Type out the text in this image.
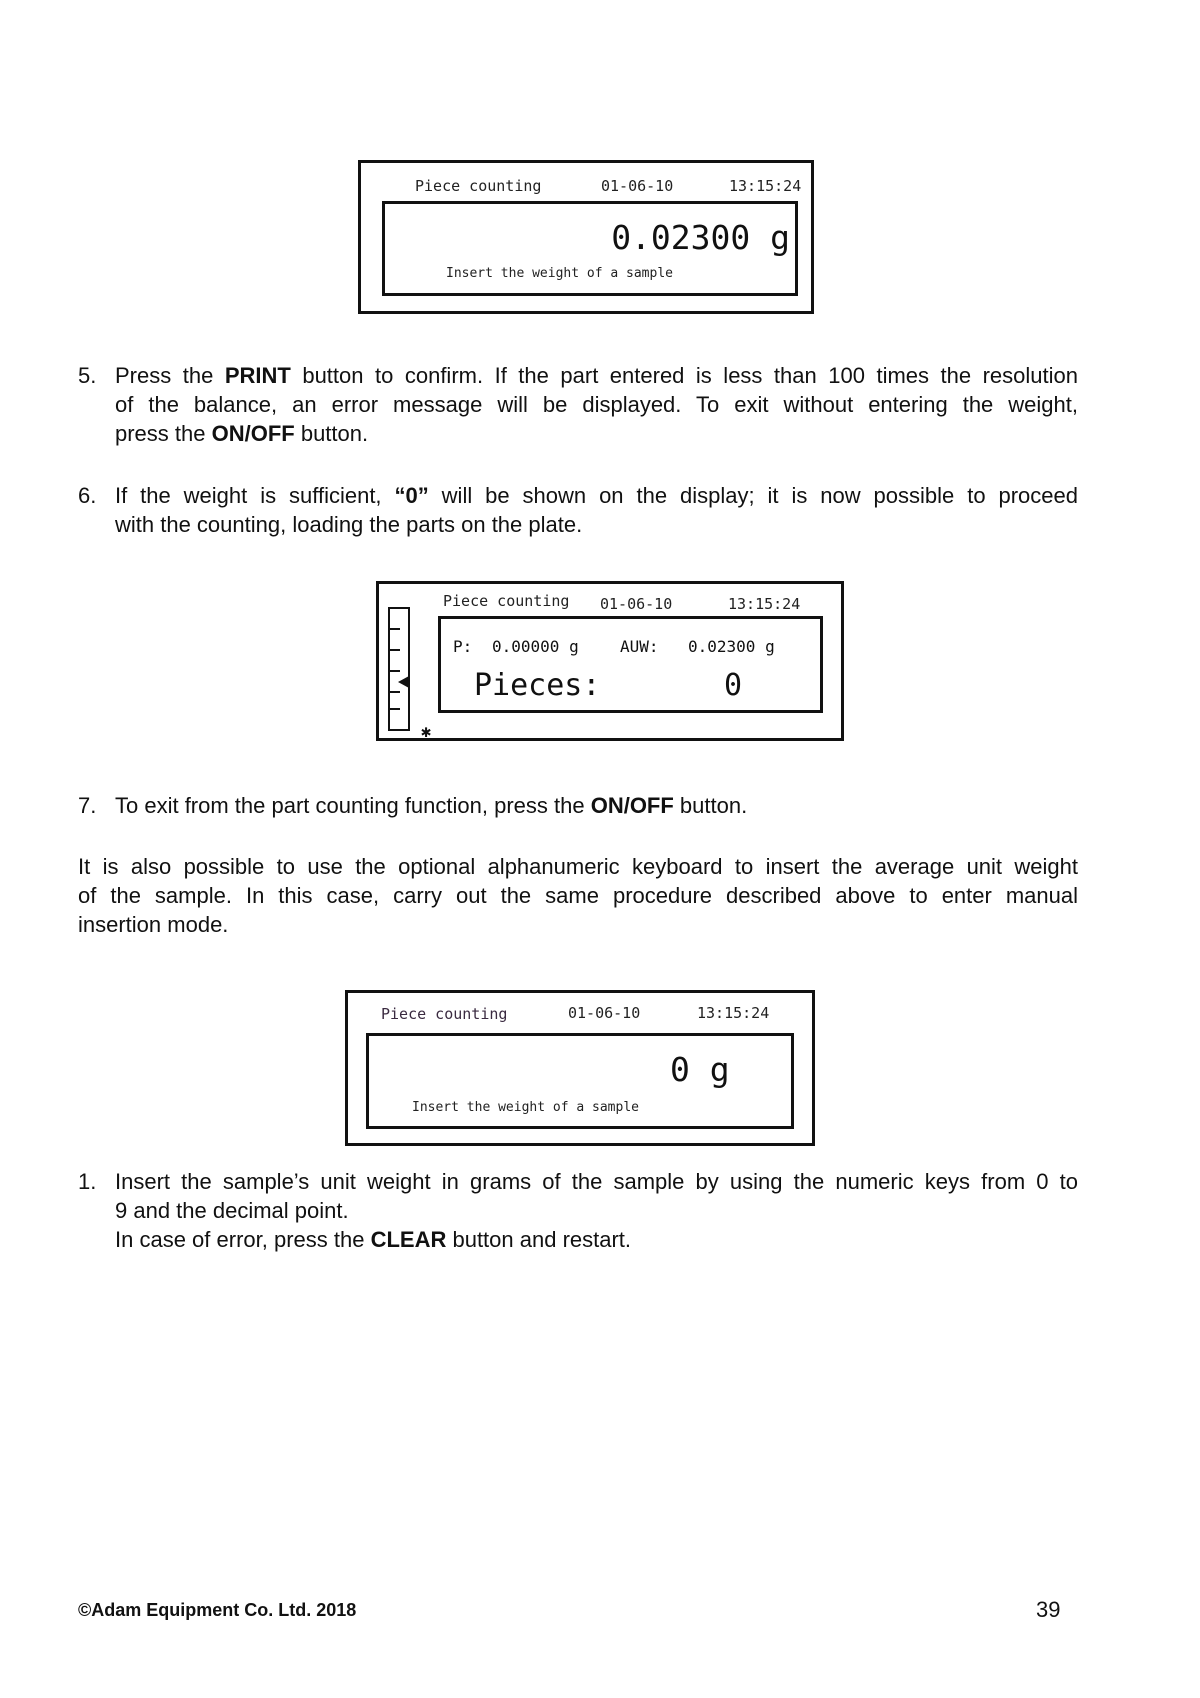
Piece counting	01-06-10	13:15:24
0.02300 g
Insert the weight of a sample
5. Press the PRINT button to confirm. If the part entered is less than 100 times the resolution
of the balance, an error message will be displayed. To exit without entering the weight,
press the ON/OFF button.
6. If the weight is sufficient, “0” will be shown on the display; it is now possible to proceed
with the counting, loading the parts on the plate.
Piece counting 01-06-10	13:15:24
✱
P: 0.00000 g	AUW: 0.02300 g
Pieces:	0
7. To exit from the part counting function, press the ON/OFF button.
It is also possible to use the optional alphanumeric keyboard to insert the average unit weight
of the sample. In this case, carry out the same procedure described above to enter manual
insertion mode.
Piece counting	01-06-10	13:15:24
0 g
Insert the weight of a sample
1. Insert the sample’s unit weight in grams of the sample by using the numeric keys from 0 to
9 and the decimal point.
In case of error, press the CLEAR button and restart.
©Adam Equipment Co. Ltd. 2018	39
